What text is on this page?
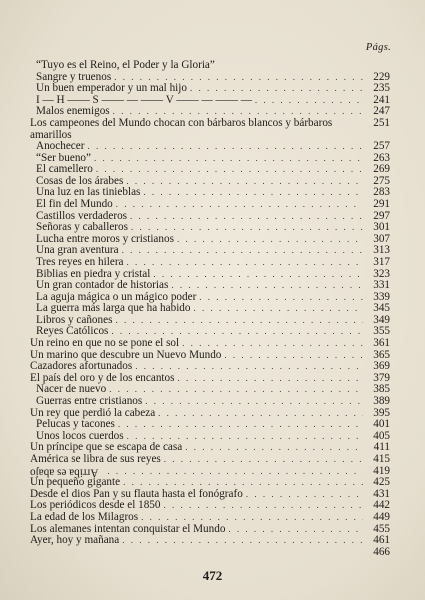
Págs.
“Tuyo es el Reino, el Poder y la Gloria”
Sangre y truenos . . .	229
Un buen emperador y un mal hijo . . .	235
I — H —— S —— — —— V —— — —— — . . .	241
Malos enemigos . . .	247
Los campeones del Mundo chocan con bárbaros blancos y bárbaros amarillos
251
Anochecer . . .	257
“Ser bueno” . . .	263
El camellero . . .	269
Cosas de los árabes . . .	275
Una luz en las tinieblas . . .	283
El fin del Mundo . . .	291
Castillos verdaderos . . .	297
Señoras y caballeros . . .	301
Lucha entre moros y cristianos . . .	307
Una gran aventura . . .	313
Tres reyes en hilera . . .	317
Biblias en piedra y cristal . . .	323
Un gran contador de historias . . .	331
La aguja mágica o un mágico poder . . .	339
La guerra más larga que ha habido . . .	345
Libros y cañones . . .	349
Reyes Católicos . . .	355
Un reino en que no se pone el sol . . .	361
Un marino que descubre un Nuevo Mundo . . .	365
Cazadores afortunados . . .	369
El país del oro y de los encantos . . .	379
Nacer de nuevo . . .	385
Guerras entre cristianos . . .	389
Un rey que perdió la cabeza . . .	395
Pelucas y tacones . . .	401
Unos locos cuerdos . . .	405
Un príncipe que se escapa de casa . . .	411
América se libra de sus reyes . . .	415
Arriba es abajo . . .	419
Un pequeño gigante . . .	425
Desde el dios Pan y su flauta hasta el fonógrafo . . .	431
Los periódicos desde el 1850 . . .	442
La edad de los Milagros . . .	449
Los alemanes intentan conquistar el Mundo . . .	455
Ayer, hoy y mañana . . .	461
466
472
